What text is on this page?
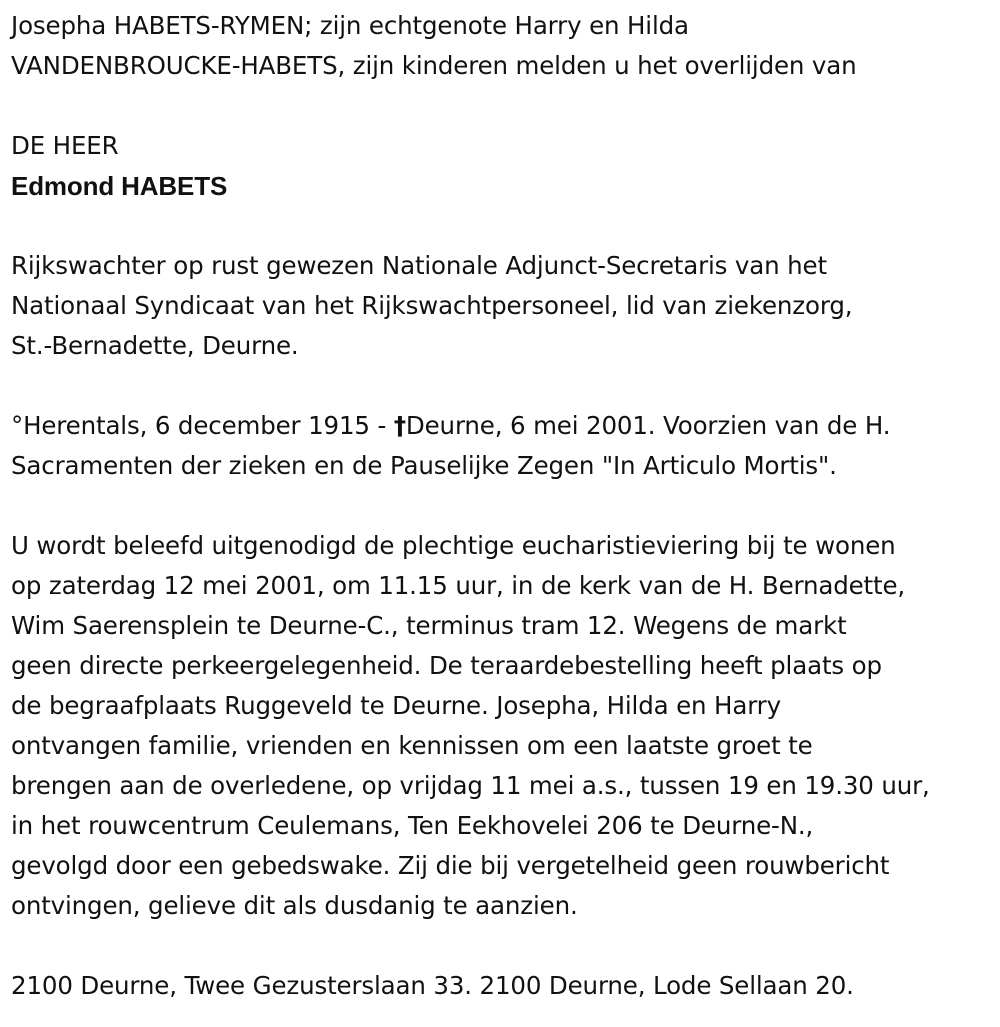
Josepha HABETS-RYMEN; zijn echtgenote Harry en Hilda
VANDENBROUCKE-HABETS, zijn kinderen melden u het overlijden van
DE HEER
Edmond HABETS
Rijkswachter op rust gewezen Nationale Adjunct-Secretaris van het
Nationaal Syndicaat van het Rijkswachtpersoneel, lid van ziekenzorg,
St.-Bernadette, Deurne.
°Herentals, 6 december 1915 - †Deurne, 6 mei 2001. Voorzien van de H.
Sacramenten der zieken en de Pauselijke Zegen "In Articulo Mortis".
U wordt beleefd uitgenodigd de plechtige eucharistieviering bij te wonen
op zaterdag 12 mei 2001, om 11.15 uur, in de kerk van de H. Bernadette,
Wim Saerensplein te Deurne-C., terminus tram 12. Wegens de markt
geen directe perkeergelegenheid. De teraardebestelling heeft plaats op
de begraafplaats Ruggeveld te Deurne. Josepha, Hilda en Harry
ontvangen familie, vrienden en kennissen om een laatste groet te
brengen aan de overledene, op vrijdag 11 mei a.s., tussen 19 en 19.30 uur,
in het rouwcentrum Ceulemans, Ten Eekhovelei 206 te Deurne-N.,
gevolgd door een gebedswake. Zij die bij vergetelheid geen rouwbericht
ontvingen, gelieve dit als dusdanig te aanzien.
2100 Deurne, Twee Gezusterslaan 33. 2100 Deurne, Lode Sellaan 20.
